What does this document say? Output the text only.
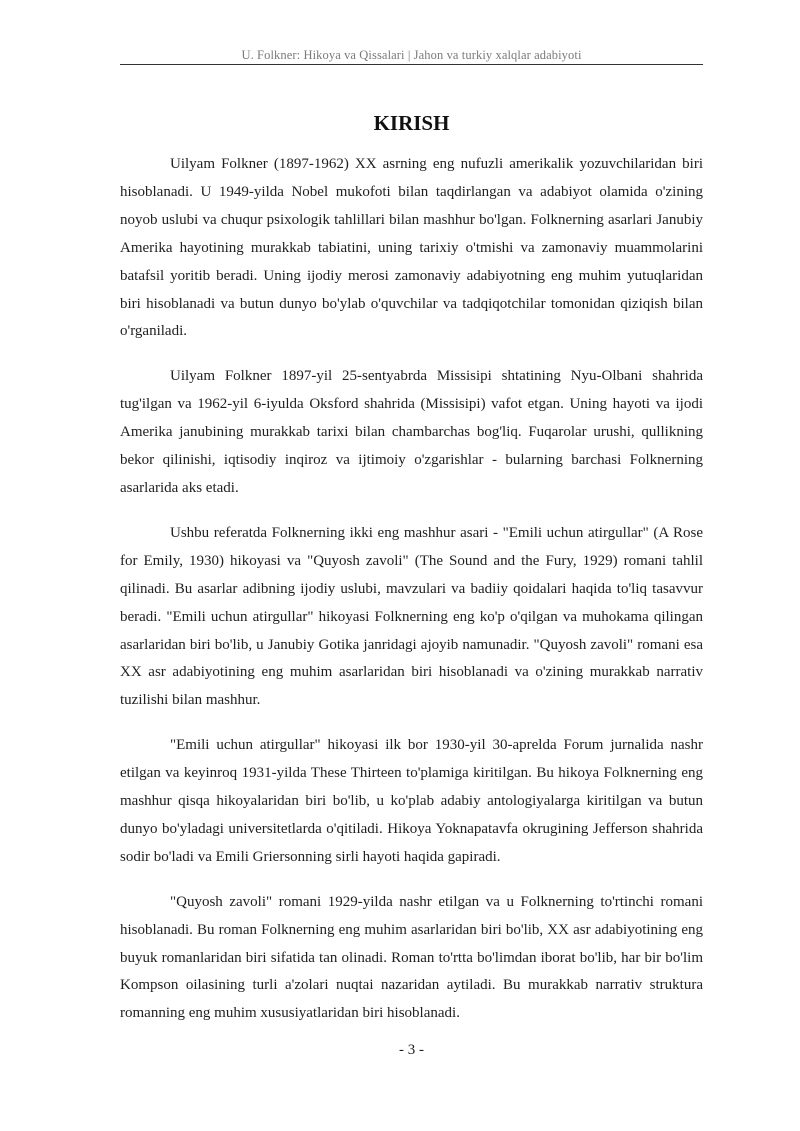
U. Folkner: Hikoya va Qissalari | Jahon va turkiy xalqlar adabiyoti
KIRISH

Uilyam Folkner (1897-1962) XX asrning eng nufuzli amerikalik yozuvchilaridan biri hisoblanadi. U 1949-yilda Nobel mukofoti bilan taqdirlangan va adabiyot olamida o'zining noyob uslubi va chuqur psixologik tahlillari bilan mashhur bo'lgan. Folknerning asarlari Janubiy Amerika hayotining murakkab tabiatini, uning tarixiy o'tmishi va zamonaviy muammolarini batafsil yoritib beradi. Uning ijodiy merosi zamonaviy adabiyotning eng muhim yutuqlaridan biri hisoblanadi va butun dunyo bo'ylab o'quvchilar va tadqiqotchilar tomonidan qiziqish bilan o'rganiladi.

Uilyam Folkner 1897-yil 25-sentyabrda Missisipi shtatining Nyu-Olbani shahrida tug'ilgan va 1962-yil 6-iyulda Oksford shahrida (Missisipi) vafot etgan. Uning hayoti va ijodi Amerika janubining murakkab tarixi bilan chambarchas bog'liq. Fuqarolar urushi, qullikning bekor qilinishi, iqtisodiy inqiroz va ijtimoiy o'zgarishlar - bularning barchasi Folknerning asarlarida aks etadi.

Ushbu referatda Folknerning ikki eng mashhur asari - "Emili uchun atirgullar" (A Rose for Emily, 1930) hikoyasi va "Quyosh zavoli" (The Sound and the Fury, 1929) romani tahlil qilinadi. Bu asarlar adibning ijodiy uslubi, mavzulari va badiiy qoidalari haqida to'liq tasavvur beradi. "Emili uchun atirgullar" hikoyasi Folknerning eng ko'p o'qilgan va muhokama qilingan asarlaridan biri bo'lib, u Janubiy Gotika janridagi ajoyib namunadir. "Quyosh zavoli" romani esa XX asr adabiyotining eng muhim asarlaridan biri hisoblanadi va o'zining murakkab narrativ tuzilishi bilan mashhur.

"Emili uchun atirgullar" hikoyasi ilk bor 1930-yil 30-aprelda Forum jurnalida nashr etilgan va keyinroq 1931-yilda These Thirteen to'plamiga kiritilgan. Bu hikoya Folknerning eng mashhur qisqa hikoyalaridan biri bo'lib, u ko'plab adabiy antologiyalarga kiritilgan va butun dunyo bo'yladagi universitetlarda o'qitiladi. Hikoya Yoknapatavfa okrugining Jefferson shahrida sodir bo'ladi va Emili Griersonning sirli hayoti haqida gapiradi.

"Quyosh zavoli" romani 1929-yilda nashr etilgan va u Folknerning to'rtinchi romani hisoblanadi. Bu roman Folknerning eng muhim asarlaridan biri bo'lib, XX asr adabiyotining eng buyuk romanlaridan biri sifatida tan olinadi. Roman to'rtta bo'limdan iborat bo'lib, har bir bo'lim Kompson oilasining turli a'zolari nuqtai nazaridan aytiladi. Bu murakkab narrativ struktura romanning eng muhim xususiyatlaridan biri hisoblanadi.

- 3 -
